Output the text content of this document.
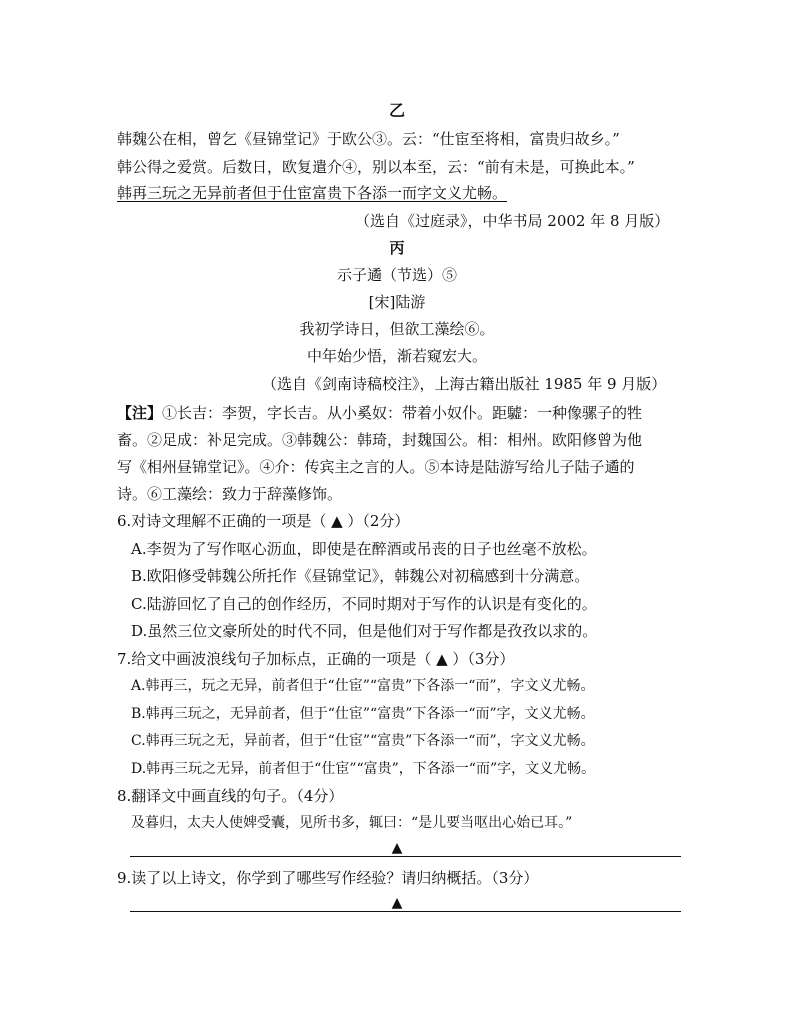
乙
韩魏公在相，曾乞《昼锦堂记》于欧公③。云：“仕宦至将相，富贵归故乡。”
韩公得之爱赏。后数日，欧复遣介④，别以本至，云：“前有未是，可换此本。”
韩再三玩之无异前者但于仕宦富贵下各添一而字文义尤畅。
（选自《过庭录》，中华书局 2002 年 8 月版）
丙
示子遹（节选）⑤
[宋]陆游
我初学诗日，但欲工藻绘⑥。
中年始少悟，渐若窥宏大。
（选自《剑南诗稿校注》，上海古籍出版社 1985 年 9 月版）
【注】①长吉：李贺，字长吉。从小奚奴：带着小奴仆。距驉：一种像骡子的牲
畜。②足成：补足完成。③韩魏公：韩琦，封魏国公。相：相州。欧阳修曾为他
写《相州昼锦堂记》。④介：传宾主之言的人。⑤本诗是陆游写给儿子陆子遹的
诗。⑥工藻绘：致力于辞藻修饰。
6.对诗文理解不正确的一项是（ ▲ ）（2分）
A.李贺为了写作呕心沥血，即使是在醉酒或吊丧的日子也丝毫不放松。
B.欧阳修受韩魏公所托作《昼锦堂记》，韩魏公对初稿感到十分满意。
C.陆游回忆了自己的创作经历，不同时期对于写作的认识是有变化的。
D.虽然三位文豪所处的时代不同，但是他们对于写作都是孜孜以求的。
7.给文中画波浪线句子加标点，正确的一项是（ ▲ ）（3分）
A.韩再三，玩之无异，前者但于“仕宦”“富贵”下各添一“而”，字文义尤畅。
B.韩再三玩之，无异前者，但于“仕宦”“富贵”下各添一“而”字，文义尤畅。
C.韩再三玩之无，异前者，但于“仕宦”“富贵”下各添一“而”，字文义尤畅。
D.韩再三玩之无异，前者但于“仕宦”“富贵”，下各添一“而”字，文义尤畅。
8.翻译文中画直线的句子。（4分）
及暮归，太夫人使婢受囊，见所书多，辄曰：“是儿要当呕出心始已耳。”
▲
9.读了以上诗文，你学到了哪些写作经验？请归纳概括。（3分）
▲
